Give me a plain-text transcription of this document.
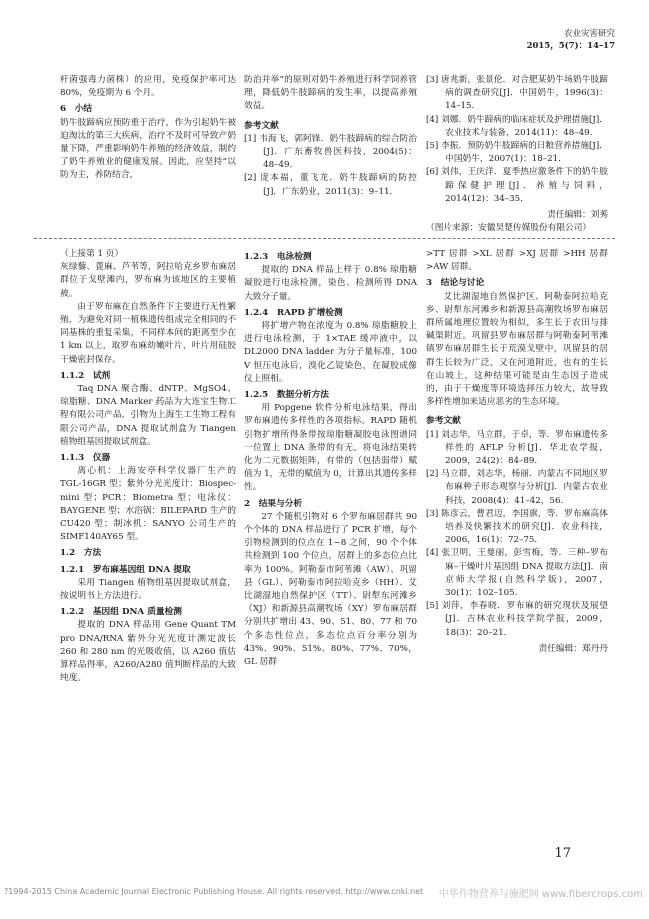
农业灾害研究
2015，5(7)：14–17

杆菌强毒力菌株）的应用，免疫保护率可达 80%，免疫期为 6 个月。

6　小结

奶牛肢蹄病应预防重于治疗，作为引起奶牛被迫淘汰的第三大疾病，治疗不及时可导致产奶量下降，严重影响奶牛养殖的经济效益，制约了奶牛养殖业的健康发展。因此，应坚持“以防为主，养防结合，

防治并举”的原则对奶牛养殖进行科学饲养管理，降低奶牛肢蹄病的发生率，以提高养殖效益。

参考文献

[1] 韦海飞，郭阿锋．奶牛肢蹄病的综合防治[J]．广东畜牧兽医科技，2004(5)：48–49．

[2] 庞本福，董飞龙．奶牛肢蹄病的防控[J]．广东奶业，2011(3)：9–11．

[3] 唐兆新，张景伦．对合肥某奶牛场奶牛肢蹄病的调查研究[J]．中国奶牛，1996(3)：14–15．

[4] 刘娜．奶牛蹄病的临床症状及护理措施[J]．农业技术与装备，2014(11)：48–49．

[5] 李振．预防奶牛肢蹄病的日粮营养措施[J]．中国奶牛，2007(1)：18–21．

[6] 刘伟，王庆洋．夏季热应激条件下的奶牛肢蹄保健护理[J]．养殖与饲料，2014(12)：34–35．

责任编辑：刘莠

（图片来源：安徽昊楚传媒股份有限公司）

（上接第 1 页）

灰绿藜、蓖麻、芦苇等，阿拉哈克乡罗布麻居群位于戈壁滩内，罗布麻为该地区的主要植被。

由于罗布麻在自然条件下主要进行无性繁殖，为避免对同一植株遗传组成完全相同的不同基株的重复采集，不同样本间的距离至少在 1 km 以上，取罗布麻幼嫩叶片，叶片用硅胶干燥密封保存。

1.1.2　试剂

Taq DNA 聚合酶、dNTP、MgSO4、琼脂糖、DNA Marker 药品为大连宝生物工程有限公司产品，引物为上海生工生物工程有限公司产品，DNA 提取试剂盒为 Tiangen 植物组基因提取试剂盒。

1.1.3　仪器

离心机：上海安亭科学仪器厂生产的 TGL-16GR 型；紫外分光光度计：Biospec-mini 型；PCR：Biometra 型；电泳仪：BAYGENE 型；水浴锅：BILEPARD 生产的 CU420 型；制冰机：SANYO 公司生产的 SIMF140AY65 型。

1.2　方法

1.2.1　罗布麻基因组 DNA 提取

采用 Tiangen 植物组基因提取试剂盒，按说明书上方法进行。

1.2.2　基因组 DNA 质量检测

提取的 DNA 样品用 Gene Quant TM pro DNA/RNA 紫外分光光度计测定波长 260 和 280 nm 的光吸收值，以 A260 值估算样品得率，A260/A280 值判断样品的大致纯度。

1.2.3　电泳检测

提取的 DNA 样品上样于 0.8% 琼脂糖凝胶进行电泳检测，染色、检测所得 DNA 大致分子量。

1.2.4　RAPD 扩增检测

将扩增产物在浓度为 0.8% 琼脂糖胶上进行电泳检测，于 1×TAE 缓冲液中，以 DL2000 DNA ladder 为分子量标准，100 V 恒压电泳后，溴化乙锭染色，在凝胶成像仪上照相。

1.2.5　数据分析方法

用 Popgene 软件分析电泳结果，得出罗布麻遗传多样性的各项指标。RAPD 随机引物扩增所得条带按琼脂糖凝胶电泳图谱同一位置上 DNA 条带的有无，将电泳结果转化为二元数据矩阵，有带的（包括弱带）赋值为 1，无带的赋值为 0，计算出其遗传多样性。

2　结果与分析

27 个随机引物对 6 个罗布麻居群共 90 个个体的 DNA 样品进行了 PCR 扩增，每个引物检测到的位点在 1~8 之间，90 个个体共检测到 100 个位点，居群上的多态位点比率为 100%。阿勒泰市阿苇滩（AW）、巩留县（GL）、阿勒泰市阿拉哈克乡（HH）、艾比湖湿地自然保护区（TT）、尉犁东河滩乡（XJ）和新源县高潮牧场（XY）罗布麻居群分别共扩增出 43、90、51、80、77 和 70 个多态性位点，多态位点百分率分别为 43%、90%、51%、80%、77%、70%，GL 居群

>TT 居群 >XL 居群 >XJ 居群 >HH 居群 >AW 居群。

3　结论与讨论

艾比湖湿地自然保护区、阿勒泰阿拉哈克乡、尉犁东河滩乡和新源县高潮牧场罗布麻居群所属地理位置较为相似，多生长于农田与排碱渠附近。巩留县罗布麻居群与阿勒泰阿苇滩镇罗布麻居群生长于荒漠戈壁中，巩留县的居群生长较为广泛，又在河道附近，也有的生长在山坡上，这种结果可能是由生态因子造成的，由于干燥度等环境选择压力较大，故导致多样性增加来适应恶劣的生态环境。

参考文献

[1] 刘志华，马立群，于卓，等．罗布麻遗传多样性的 AFLP 分析[J]．华北农学报，2009，24(2)：84–89．

[2] 马立群，刘志华，杨丽．内蒙古不同地区罗布麻种子形态观察与分析[J]．内蒙古农业科技，2008(4)：41–42，56．

[3] 陈彦云，曹君迈，李国旗，等．罗布麻高体培养及快繁技术的研究[J]．农业科技，2006，16(1)：72–75．

[4] 张卫明，王曼丽，彭雪梅，等．三种–罗布麻–干燥叶片基因组 DNA 提取方法[J]．南京师大学报(自然科学版)，2007，30(1)：102–105．

[5] 刘萍，李春晓．罗布麻的研究现状及展望[J]．吉林农业科技学院学报，2009，18(3)：20–21．

责任编辑：郑丹丹

17
?1994-2015 China Academic Journal Electronic Publishing House. All rights reserved. http://www.cnki.net 中华作物营养与施肥网 www.fibercrops.com
